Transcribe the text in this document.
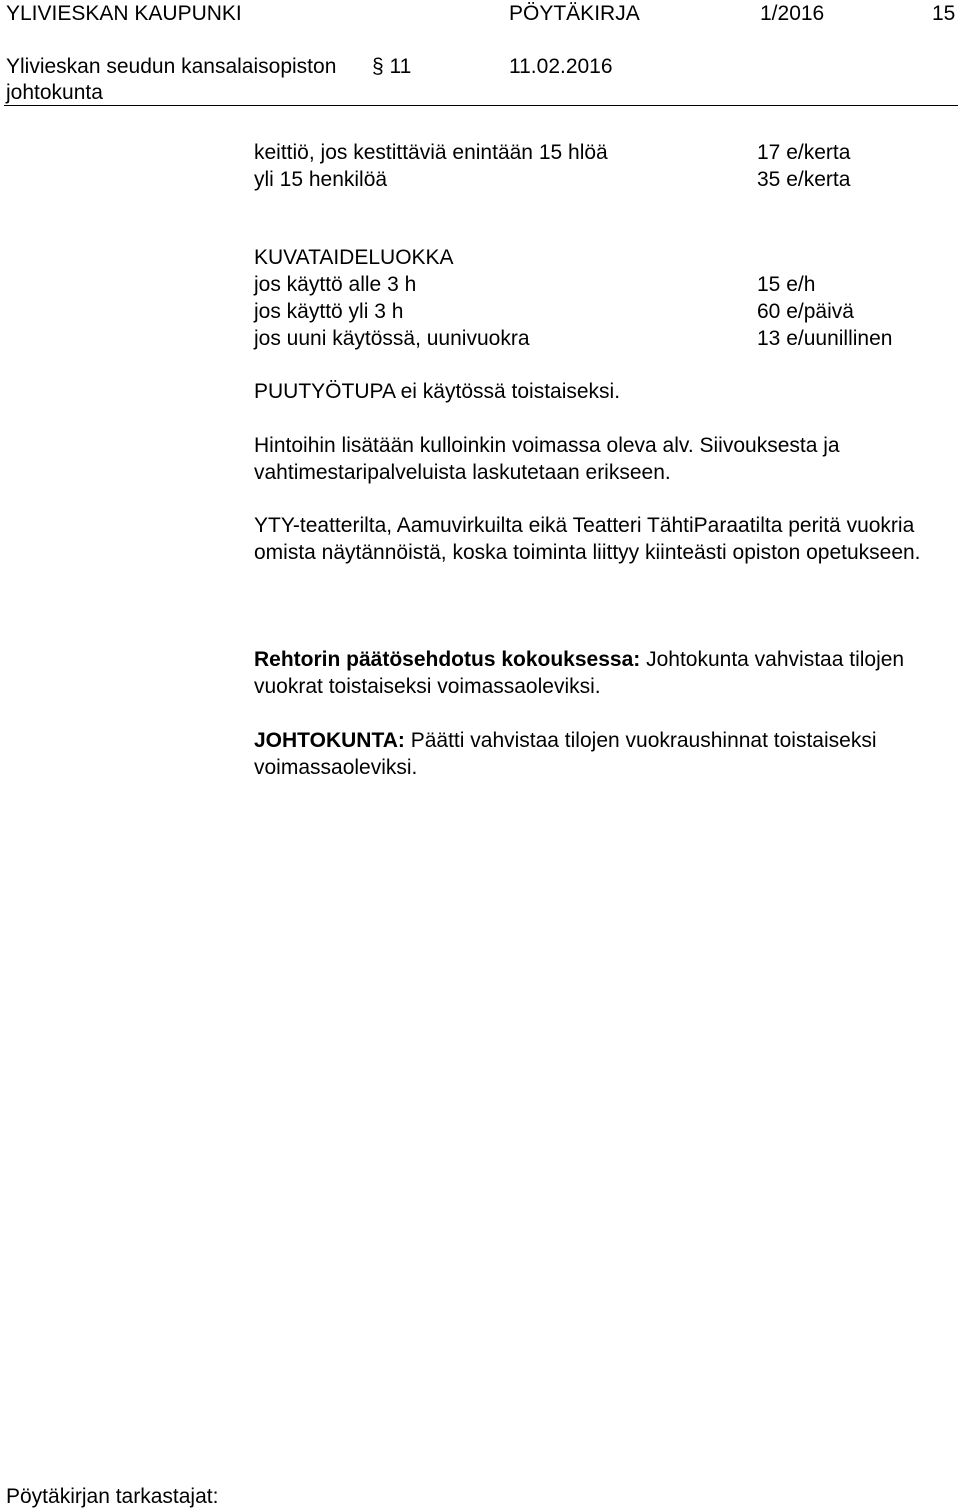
YLIVIESKAN KAUPUNKI	PÖYTÄKIRJA	1/2016	15
Ylivieskan seudun kansalaisopiston § 11	11.02.2016
johtokunta
keittiö, jos kestittäviä enintään 15 hlöä	17 e/kerta
yli 15 henkilöä	35 e/kerta
KUVATAIDELUOKKA
jos käyttö alle 3 h	15 e/h
jos käyttö yli 3 h	60 e/päivä
jos uuni käytössä, uunivuokra	13 e/uunillinen
PUUTYÖTUPA ei käytössä toistaiseksi.
Hintoihin lisätään kulloinkin voimassa oleva alv. Siivouksesta ja vahtimestaripalveluista laskutetaan erikseen.
YTY-teatterilta, Aamuvirkuilta eikä Teatteri TähtiParaatilta peritä vuokria omista näytännöistä, koska toiminta liittyy kiinteästi opiston opetukseen.
Rehtorin päätösehdotus kokouksessa: Johtokunta vahvistaa tilojen vuokrat toistaiseksi voimassaoleviksi.
JOHTOKUNTA: Päätti vahvistaa tilojen vuokraushinnat toistaiseksi voimassaoleviksi.
Pöytäkirjan tarkastajat:
